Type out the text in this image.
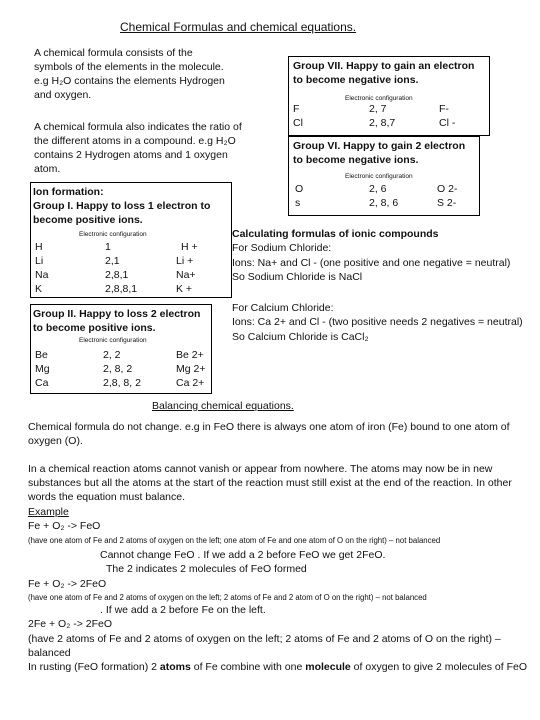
Chemical Formulas and chemical equations.
A chemical formula consists of the symbols of the elements in the molecule. e.g H₂O contains the elements Hydrogen and oxygen.
A chemical formula also indicates the ratio of the different atoms in a compound. e.g H₂O contains 2 Hydrogen atoms and 1 oxygen atom.
Ion formation:
Group I. Happy to loss 1 electron to become positive ions.
Electronic configuration
H	1	H +
Li	2,1	Li +
Na	2,8,1	Na+
K	2,8,8,1	K +
Group II. Happy to loss 2 electron to become positive ions.
Electronic configuration
Be	2, 2	Be 2+
Mg	2, 8, 2	Mg 2+
Ca	2,8, 8, 2	Ca 2+
Group VII. Happy to gain an electron to become negative ions.
Electronic configuration
F	2, 7	F-
Cl	2, 8,7	Cl -
Group VI. Happy to gain 2 electron to become negative ions.
Electronic configuration
O	2, 6	O 2-
s	2, 8, 6	S 2-
Calculating formulas of ionic compounds
For Sodium Chloride:
Ions: Na+ and Cl - (one positive and one negative = neutral)
So Sodium Chloride is NaCl
For Calcium Chloride:
Ions: Ca 2+ and Cl - (two positive needs 2 negatives = neutral)
So Calcium Chloride is CaCl₂
Balancing chemical equations.
Chemical formula do not change. e.g in FeO there is always one atom of iron (Fe) bound to one atom of oxygen (O).
In a chemical reaction atoms cannot vanish or appear from nowhere. The atoms may now be in new substances but all the atoms at the start of the reaction must still exist at the end of the reaction. In other words the equation must balance.
Example
Fe + O₂ -> FeO
(have one atom of Fe and 2 atoms of oxygen on the left; one atom of Fe and one atom of O on the right) – not balanced
Cannot change FeO . If we add a 2 before FeO we get 2FeO.
The 2 indicates 2 molecules of FeO formed
Fe + O₂ -> 2FeO
(have one atom of Fe and 2 atoms of oxygen on the left; 2 atoms of Fe and 2 atom of O on the right) – not balanced
. If we add a 2 before Fe on the left.
2Fe + O₂ -> 2FeO
(have 2 atoms of Fe and 2 atoms of oxygen on the left; 2 atoms of Fe and 2 atoms of O on the right) –balanced
In rusting (FeO formation) 2 atoms of Fe combine with one molecule of oxygen to give 2 molecules of FeO
